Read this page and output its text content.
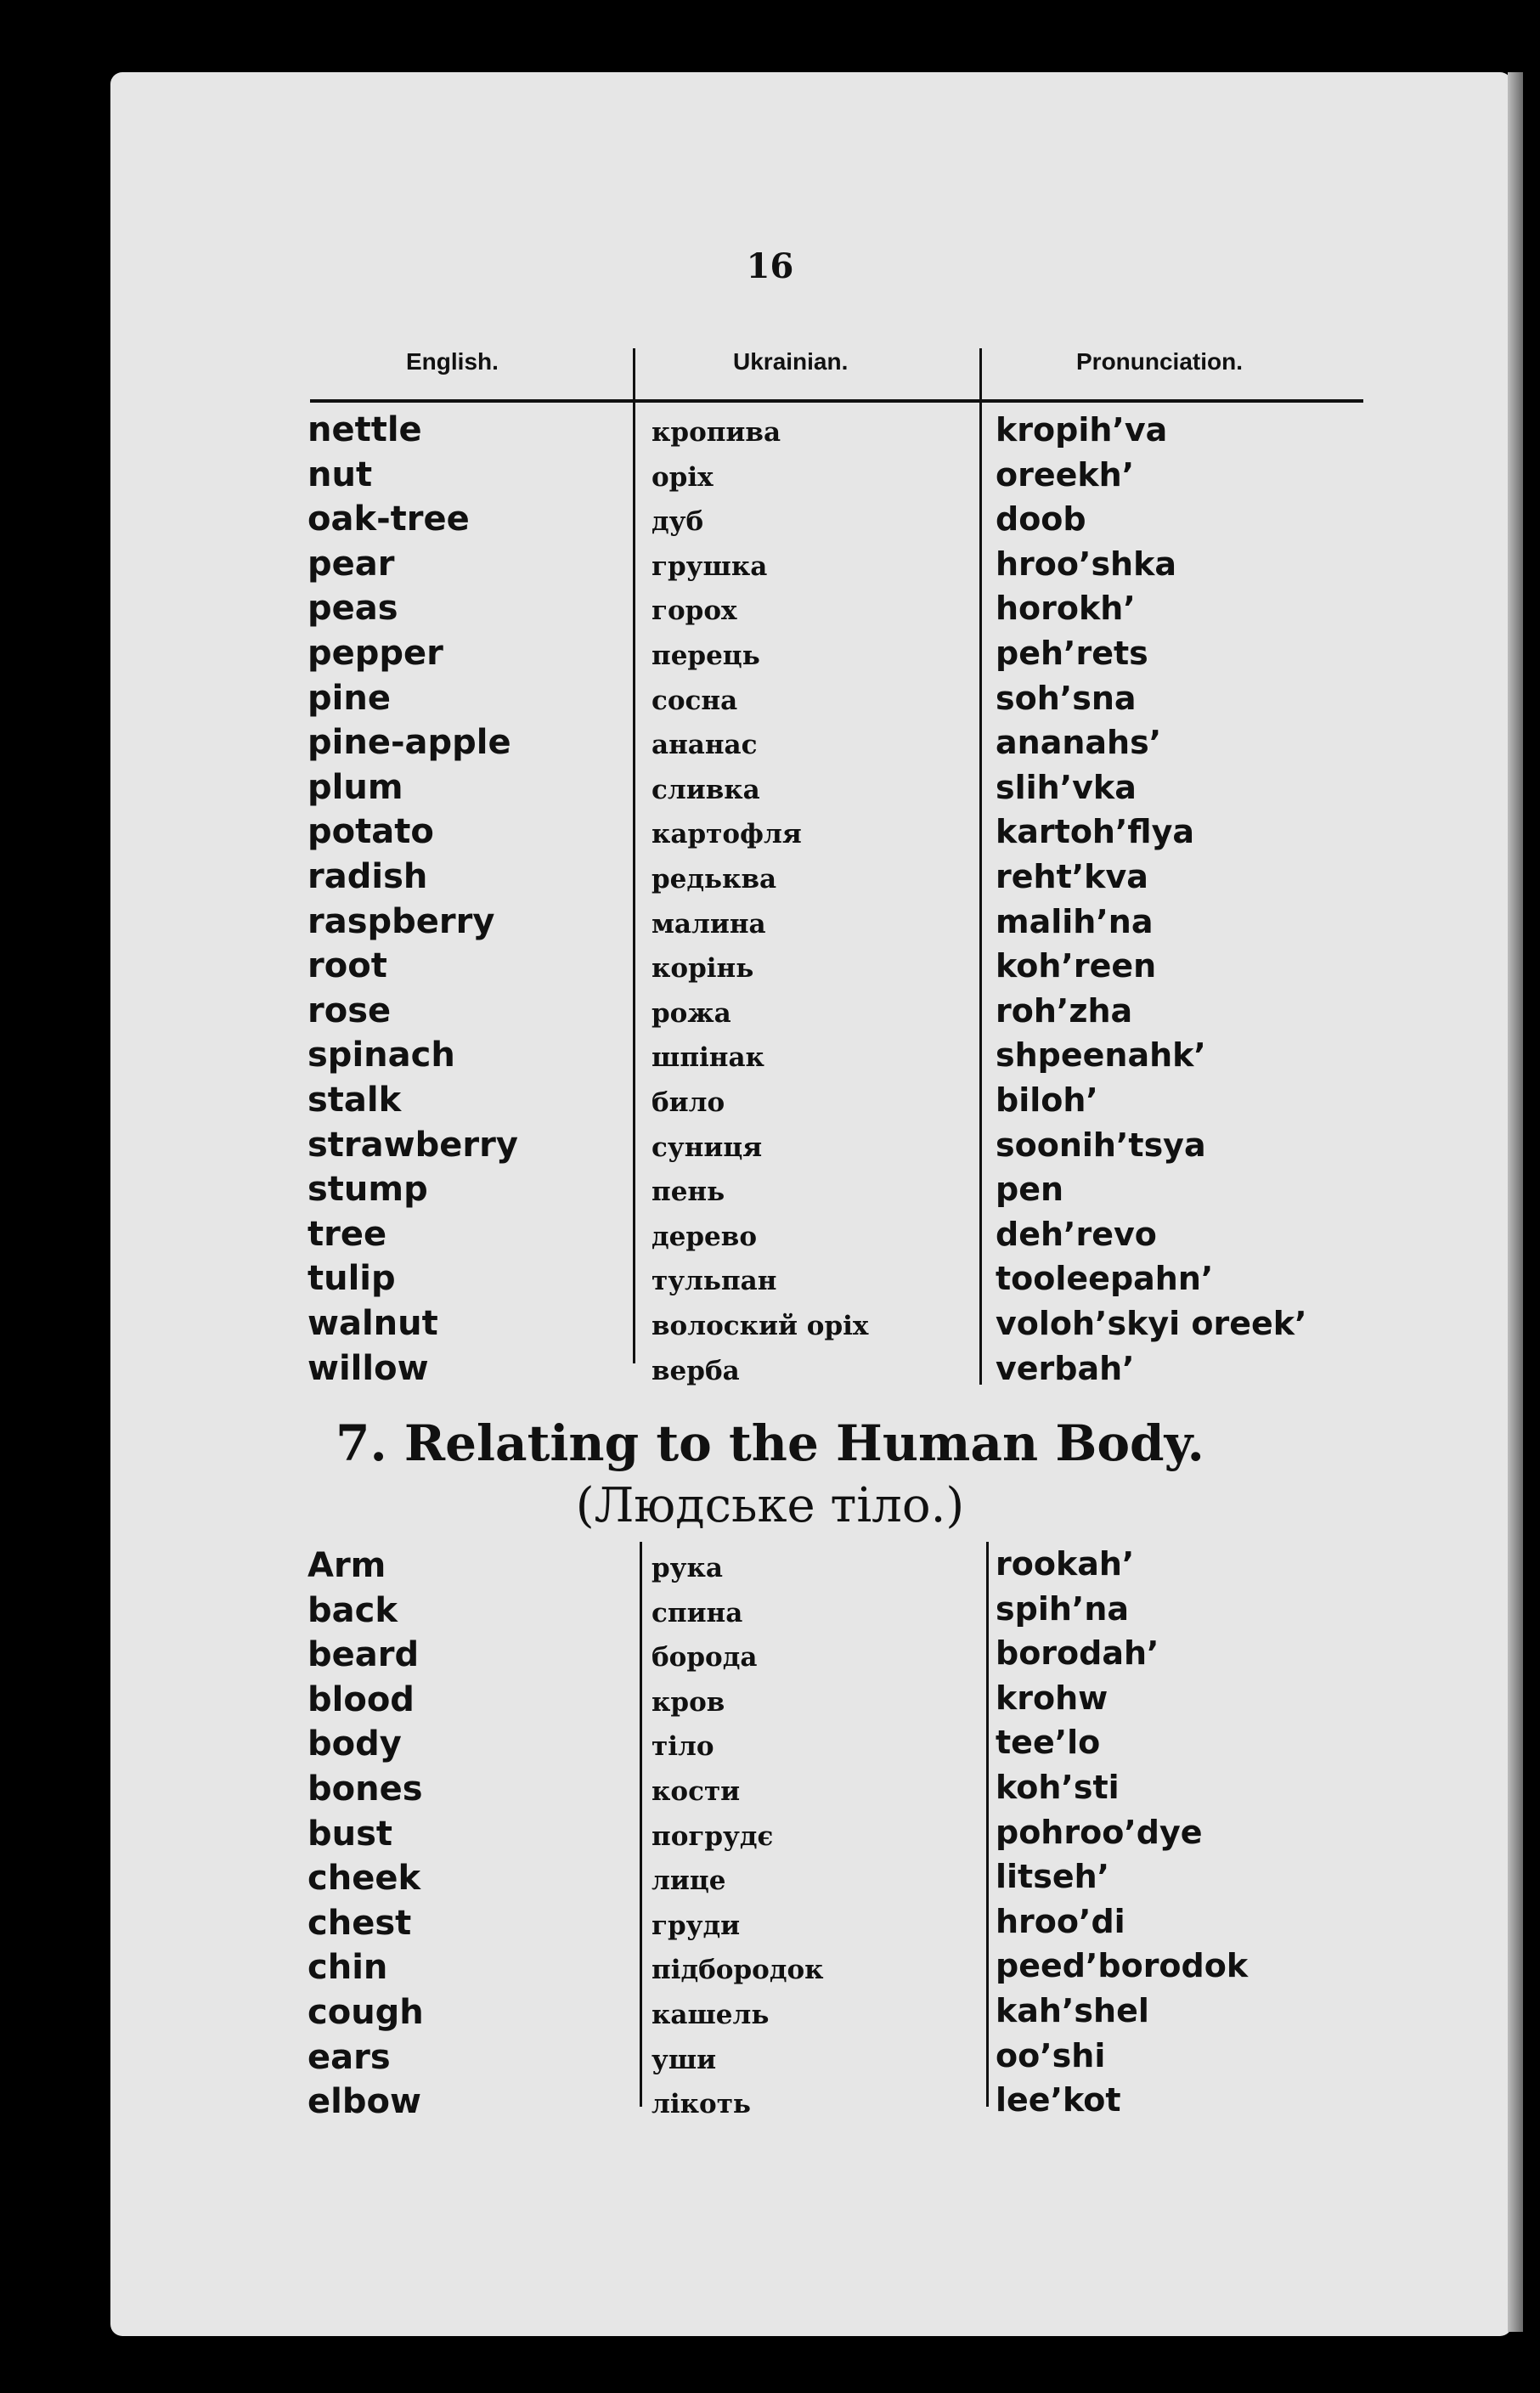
16
English.	Ukrainian.	Pronunciation.
nettle
nut
oak-tree
pear
peas
pepper
pine
pine-apple
plum
potato
radish
raspberry
root
rose
spinach
stalk
strawberry
stump
tree
tulip
walnut
willow
кропива
оріх
дуб
грушка
горох
перець
сосна
ананас
сливка
картофля
редьква
малина
корінь
рожа
шпінак
било
суниця
пень
дерево
тульпан
волоский оріх
верба
kropih’va
oreekh’
doob
hroo’shka
horokh’
peh’rets
soh’sna
ananahs’
slih’vka
kartoh’flya
reht’kva
malih’na
koh’reen
roh’zha
shpeenahk’
biloh’
soonih’tsya
pen
deh’revo
tooleepahn’
voloh’skyi oreek’
verbah’
7. Relating to the Human Body.
(Людське тіло.)
Arm
back
beard
blood
body
bones
bust
cheek
chest
chin
cough
ears
elbow
рука
спина
борода
кров
тіло
кости
погрудє
лице
груди
підбородок
кашель
уши
лікоть
rookah’
spih’na
borodah’
krohw
tee’lo
koh’sti
pohroo’dye
litseh’
hroo’di
peed’borodok
kah’shel
oo’shi
lee’kot
